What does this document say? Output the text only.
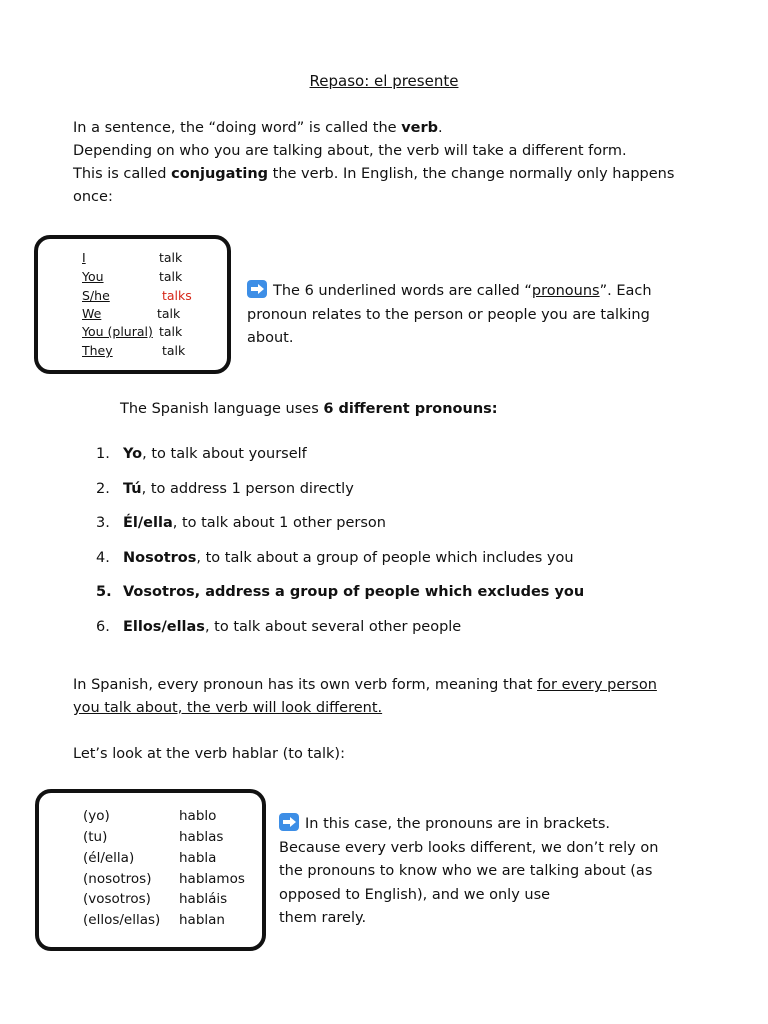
Repaso: el presente

In a sentence, the “doing word” is called the verb.
Depending on who you are talking about, the verb will take a different form.
This is called conjugating the verb. In English, the change normally only happens
once:

I	talk
You	talk
S/he	talks
We	talk
You (plural) talk
They	talk
The 6 underlined words are called “pronouns”. Each
pronoun relates to the person or people you are talking
about.
The Spanish language uses 6 different pronouns:
1. Yo, to talk about yourself
2. Tú, to address 1 person directly
3. Él/ella, to talk about 1 other person
4. Nosotros, to talk about a group of people which includes you
5. Vosotros, address a group of people which excludes you
6. Ellos/ellas, to talk about several other people

In Spanish, every pronoun has its own verb form, meaning that for every person
you talk about, the verb will look different.

Let’s look at the verb hablar (to talk):
(yo)	hablo
(tu)	hablas
(él/ella)	habla
(nosotros) hablamos
(vosotros) habláis
(ellos/ellas) hablan
In this case, the pronouns are in brackets.
Because every verb looks different, we don’t rely on
the pronouns to know who we are talking about (as
opposed to English), and we only use
them rarely.
